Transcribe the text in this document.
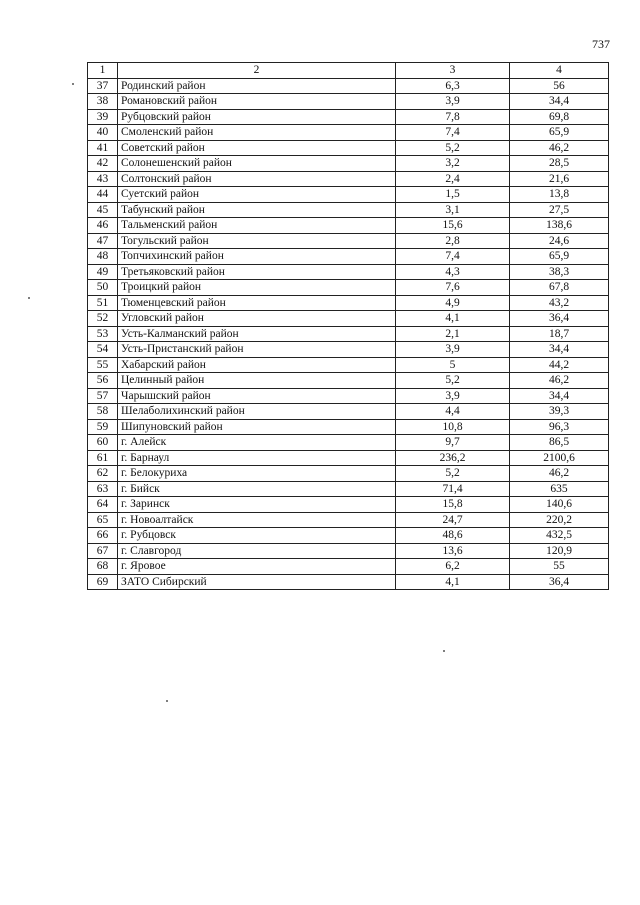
737
1	2	3	4
37	Родинский район	6,3	56
38	Романовский район	3,9	34,4
39	Рубцовский район	7,8	69,8
40	Смоленский район	7,4	65,9
41	Советский район	5,2	46,2
42	Солонешенский район	3,2	28,5
43	Солтонский район	2,4	21,6
44	Суетский район	1,5	13,8
45	Табунский район	3,1	27,5
46	Тальменский район	15,6	138,6
47	Тогульский район	2,8	24,6
48	Топчихинский район	7,4	65,9
49	Третьяковский район	4,3	38,3
50	Троицкий район	7,6	67,8
51	Тюменцевский район	4,9	43,2
52	Угловский район	4,1	36,4
53	Усть-Калманский район	2,1	18,7
54	Усть-Пристанский район	3,9	34,4
55	Хабарский район	5	44,2
56	Целинный район	5,2	46,2
57	Чарышский район	3,9	34,4
58	Шелаболихинский район	4,4	39,3
59	Шипуновский район	10,8	96,3
60	г. Алейск	9,7	86,5
61	г. Барнаул	236,2	2100,6
62	г. Белокуриха	5,2	46,2
63	г. Бийск	71,4	635
64	г. Заринск	15,8	140,6
65	г. Новоалтайск	24,7	220,2
66	г. Рубцовск	48,6	432,5
67	г. Славгород	13,6	120,9
68	г. Яровое	6,2	55
69	ЗАТО Сибирский	4,1	36,4
